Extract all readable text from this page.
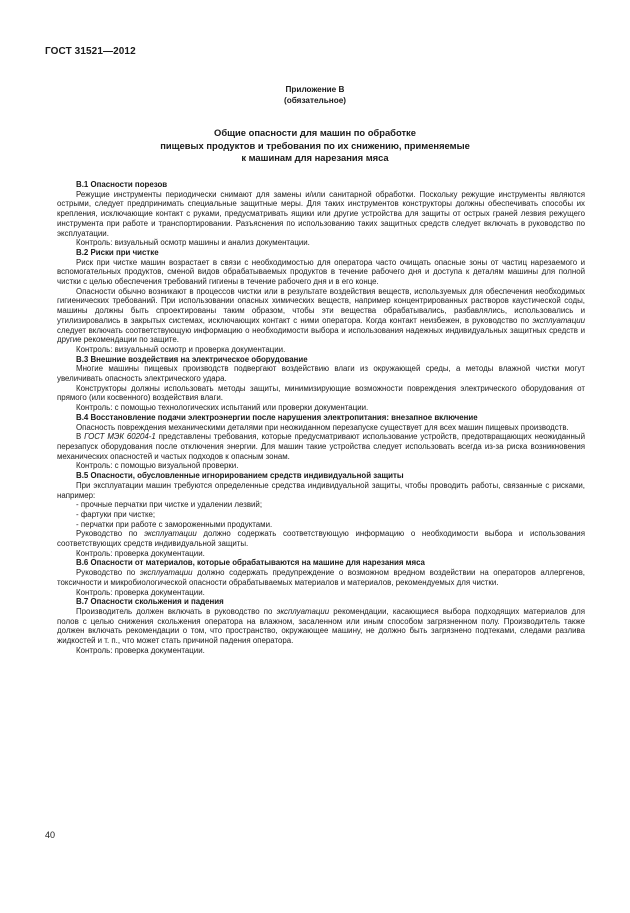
ГОСТ 31521—2012
Приложение В
(обязательное)
Общие опасности для машин по обработке
пищевых продуктов и требования по их снижению, применяемые
к машинам для нарезания мяса
В.1 Опасности порезов
Режущие инструменты периодически снимают для замены и/или санитарной обработки. Поскольку режущие инструменты являются острыми, следует предпринимать специальные защитные меры. Для таких инструментов конструкторы должны обеспечивать способы их крепления, исключающие контакт с руками, предусматривать ящики или другие устройства для защиты от острых граней лезвия режущего инструмента при работе и транспортировании. Разъяснения по использованию таких защитных средств следует включать в руководство по эксплуатации.
Контроль: визуальный осмотр машины и анализ документации.
В.2 Риски при чистке
Риск при чистке машин возрастает в связи с необходимостью для оператора часто очищать опасные зоны от частиц нарезаемого и вспомогательных продуктов, сменой видов обрабатываемых продуктов в течение рабочего дня и доступа к деталям машины для полной чистки с целью обеспечения требований гигиены в течение рабочего дня и в его конце.
Опасности обычно возникают в процессов чистки или в результате воздействия веществ, используемых для обеспечения необходимых гигиенических требований. При использовании опасных химических веществ, например концентрированных растворов каустической соды, машины должны быть спроектированы таким образом, чтобы эти вещества обрабатывались, разбавлялись, использовались и утилизировались в закрытых системах, исключающих контакт с ними оператора. Когда контакт неизбежен, в руководство по эксплуатации следует включать соответствующую информацию о необходимости выбора и использования надежных индивидуальных защитных средств и другие рекомендации по защите.
Контроль: визуальный осмотр и проверка документации.
В.3 Внешние воздействия на электрическое оборудование
Многие машины пищевых производств подвергают воздействию влаги из окружающей среды, а методы влажной чистки могут увеличивать опасность электрического удара.
Конструкторы должны использовать методы защиты, минимизирующие возможности повреждения электрического оборудования от прямого (или косвенного) воздействия влаги.
Контроль: с помощью технологических испытаний или проверки документации.
В.4 Восстановление подачи электроэнергии после нарушения электропитания: внезапное включение
Опасность повреждения механическими деталями при неожиданном перезапуске существует для всех машин пищевых производств.
В ГОСТ МЭК 60204-1 представлены требования, которые предусматривают использование устройств, предотвращающих неожиданный перезапуск оборудования после отключения энергии. Для машин такие устройства следует использовать всегда из-за риска возникновения механических опасностей и частых подходов к опасным зонам.
Контроль: с помощью визуальной проверки.
В.5 Опасности, обусловленные игнорированием средств индивидуальной защиты
При эксплуатации машин требуются определенные средства индивидуальной защиты, чтобы проводить работы, связанные с рисками, например:
- прочные перчатки при чистке и удалении лезвий;
- фартуки при чистке;
- перчатки при работе с замороженными продуктами.
Руководство по эксплуатации должно содержать соответствующую информацию о необходимости выбора и использования соответствующих средств индивидуальной защиты.
Контроль: проверка документации.
В.6 Опасности от материалов, которые обрабатываются на машине для нарезания мяса
Руководство по эксплуатации должно содержать предупреждение о возможном вредном воздействии на операторов аллергенов, токсичности и микробиологической опасности обрабатываемых материалов и материалов, рекомендуемых для чистки.
Контроль: проверка документации.
В.7 Опасности скольжения и падения
Производитель должен включать в руководство по эксплуатации рекомендации, касающиеся выбора подходящих материалов для полов с целью снижения скольжения оператора на влажном, засаленном или иным способом загрязненном полу. Производитель также должен включать рекомендации о том, что пространство, окружающее машину, не должно быть загрязнено подтеками, следами разлива жидкостей и т. п., что может стать причиной падения оператора.
Контроль: проверка документации.
40
